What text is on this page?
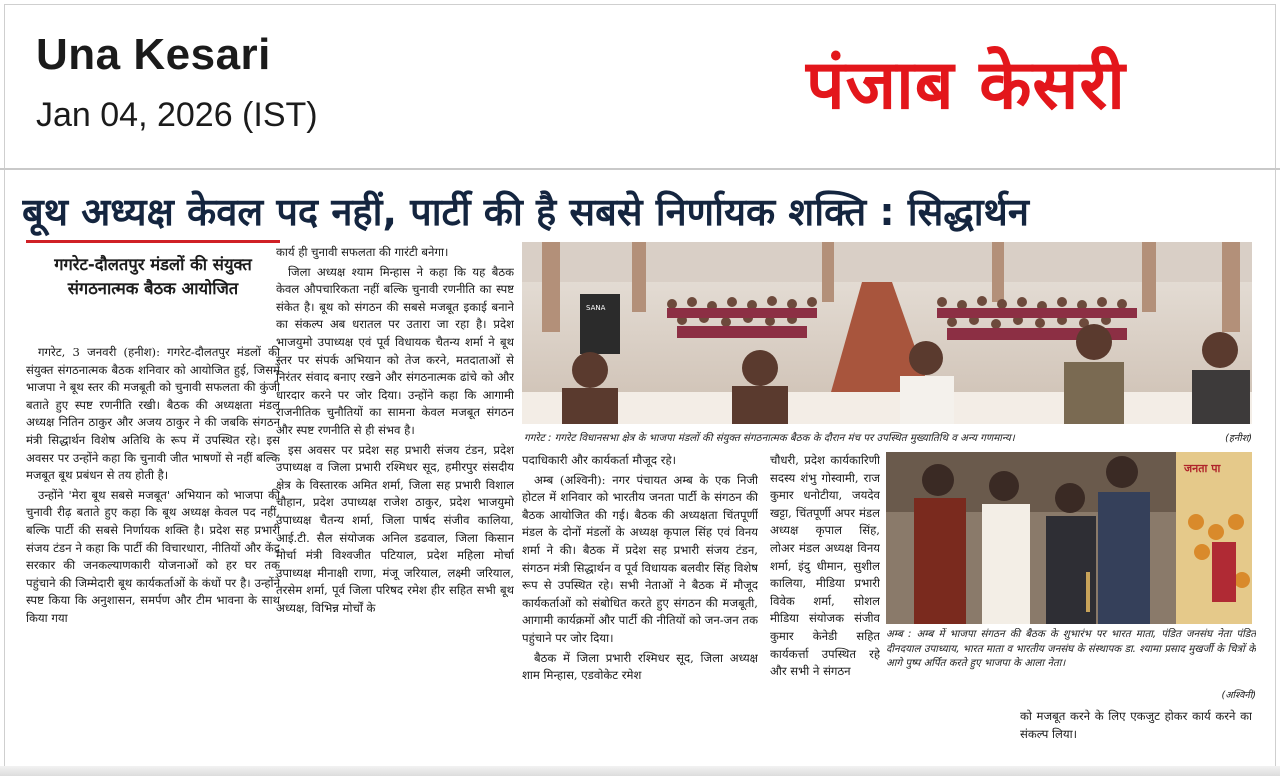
Una Kesari
Jan 04, 2026 (IST)	पंजाब केसरी
बूथ अध्यक्ष केवल पद नहीं, पार्टी की है सबसे निर्णायक शक्ति : सिद्धार्थन
गगरेट-दौलतपुर मंडलों की संयुक्त संगठनात्मक बैठक आयोजित

गगरेट, 3 जनवरी (हनीश): गगरेट-दौलतपुर मंडलों की संयुक्त संगठनात्मक बैठक शनिवार को आयोजित हुई, जिसमें भाजपा ने बूथ स्तर की मजबूती को चुनावी सफलता की कुंजी बताते हुए स्पष्ट रणनीति रखी। बैठक की अध्यक्षता मंडल अध्यक्ष नितिन ठाकुर और अजय ठाकुर ने की जबकि संगठन मंत्री सिद्धार्थन विशेष अतिथि के रूप में उपस्थित रहे। इस अवसर पर उन्होंने कहा कि चुनावी जीत भाषणों से नहीं बल्कि मजबूत बूथ प्रबंधन से तय होती है।

उन्होंने 'मेरा बूथ सबसे मजबूत' अभियान को भाजपा की चुनावी रीढ़ बताते हुए कहा कि बूथ अध्यक्ष केवल पद नहीं, बल्कि पार्टी की सबसे निर्णायक शक्ति है। प्रदेश सह प्रभारी संजय टंडन ने कहा कि पार्टी की विचारधारा, नीतियों और केंद्र सरकार की जनकल्याणकारी योजनाओं को हर घर तक पहुंचाने की जिम्मेदारी बूथ कार्यकर्ताओं के कंधों पर है। उन्होंने स्पष्ट किया कि अनुशासन, समर्पण और टीम भावना के साथ किया गया

कार्य ही चुनावी सफलता की गारंटी बनेगा।

जिला अध्यक्ष श्याम मिन्हास ने कहा कि यह बैठक केवल औपचारिकता नहीं बल्कि चुनावी रणनीति का स्पष्ट संकेत है। बूथ को संगठन की सबसे मजबूत इकाई बनाने का संकल्प अब धरातल पर उतारा जा रहा है। प्रदेश भाजयुमो उपाध्यक्ष एवं पूर्व विधायक चैतन्य शर्मा ने बूथ स्तर पर संपर्क अभियान को तेज करने, मतदाताओं से निरंतर संवाद बनाए रखने और संगठनात्मक ढांचे को और धारदार करने पर जोर दिया। उन्होंने कहा कि आगामी राजनीतिक चुनौतियों का सामना केवल मजबूत संगठन और स्पष्ट रणनीति से ही संभव है।

इस अवसर पर प्रदेश सह प्रभारी संजय टंडन, प्रदेश उपाध्यक्ष व जिला प्रभारी रश्मिधर सूद, हमीरपुर संसदीय क्षेत्र के विस्तारक अमित शर्मा, जिला सह प्रभारी विशाल चौहान, प्रदेश उपाध्यक्ष राजेश ठाकुर, प्रदेश भाजयुमो उपाध्यक्ष चैतन्य शर्मा, जिला पार्षद संजीव कालिया, आई.टी. सैल संयोजक अनिल डढवाल, जिला किसान मोर्चा मंत्री विश्वजीत पटियाल, प्रदेश महिला मोर्चा उपाध्यक्ष मीनाक्षी राणा, मंजू जरियाल, लक्ष्मी जरियाल, तरसेम शर्मा, पूर्व जिला परिषद रमेश हीर सहित सभी बूथ अध्यक्ष, विभिन्न मोर्चों के

SANA
गगरेट : गगरेट विधानसभा क्षेत्र के भाजपा मंडलों की संयुक्त संगठनात्मक बैठक के दौरान मंच पर उपस्थित मुख्यातिथि व अन्य गणमान्य।	(हनीश)

पदाधिकारी और कार्यकर्ता मौजूद रहे।

अम्ब (अश्विनी): नगर पंचायत अम्ब के एक निजी होटल में शनिवार को भारतीय जनता पार्टी के संगठन की बैठक आयोजित की गई। बैठक की अध्यक्षता चिंतपूर्णी मंडल के दोनों मंडलों के अध्यक्ष कृपाल सिंह एवं विनय शर्मा ने की। बैठक में प्रदेश सह प्रभारी संजय टंडन, संगठन मंत्री सिद्धार्थन व पूर्व विधायक बलवीर सिंह विशेष रूप से उपस्थित रहे। सभी नेताओं ने बैठक में मौजूद कार्यकर्ताओं को संबोधित करते हुए संगठन की मजबूती, आगामी कार्यक्रमों और पार्टी की नीतियों को जन-जन तक पहुंचाने पर जोर दिया।

बैठक में जिला प्रभारी रश्मिधर सूद, जिला अध्यक्ष शाम मिन्हास, एडवोकेट रमेश

चौधरी, प्रदेश कार्यकारिणी सदस्य शंभु गोस्वामी, राज कुमार धनोटीया, जयदेव खट्टा, चिंतपूर्णी अपर मंडल अध्यक्ष कृपाल सिंह, लोअर मंडल अध्यक्ष विनय शर्मा, इंदु धीमान, सुशील कालिया, मीडिया प्रभारी विवेक शर्मा, सोशल मीडिया संयोजक संजीव कुमार केनेडी सहित कार्यकर्त्ता उपस्थित रहे और सभी ने संगठन

जनता पा
अम्ब : अम्ब में भाजपा संगठन की बैठक के शुभारंभ पर भारत माता, पंडित जनसंघ नेता पंडित दीनदयाल उपाध्याय, भारत माता व भारतीय जनसंघ के संस्थापक डा. श्यामा प्रसाद मुखर्जी के चित्रों के आगे पुष्प अर्पित करते हुए भाजपा के आला नेता।
(अश्विनी)

को मजबूत करने के लिए एकजुट होकर कार्य करने का संकल्प लिया।
